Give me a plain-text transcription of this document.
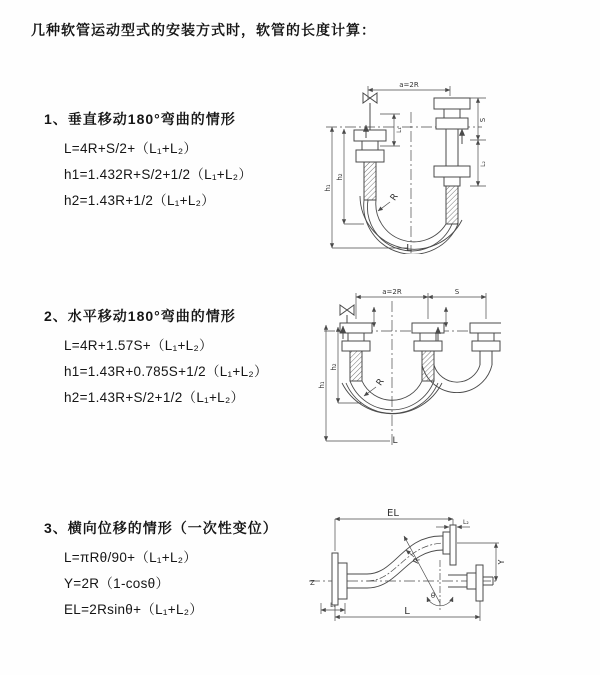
几种软管运动型式的安装方式时，软管的长度计算：
1、垂直移动180°弯曲的情形
L=4R+S/2+（L₁+L₂）
h1=1.432R+S/2+1/2（L₁+L₂）
h2=1.43R+1/2（L₁+L₂）
2、水平移动180°弯曲的情形
L=4R+1.57S+（L₁+L₂）
h1=1.43R+0.785S+1/2（L₁+L₂）
h2=1.43R+S/2+1/2（L₁+L₂）
3、横向位移的情形（一次性变位）
L=πRθ/90+（L₁+L₂）
Y=2R（1-cosθ）
EL=2Rsinθ+（L₁+L₂）
a=2R
L₁
S
L₂
h₁
h₂
R
L
a=2R	S
h₁
h₂
R
L
EL
L₂
Y
L
L₁
R
θ
Z
